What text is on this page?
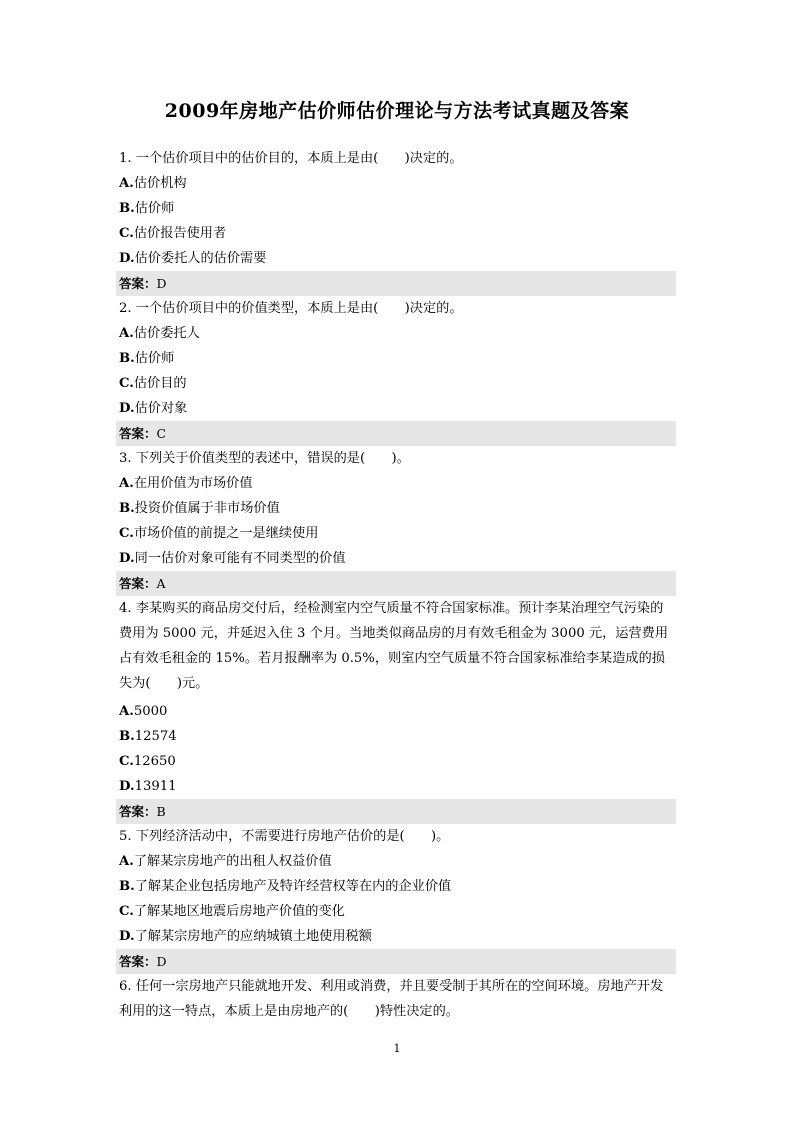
2009年房地产估价师估价理论与方法考试真题及答案
1. 一个估价项目中的估价目的，本质上是由(　　)决定的。
A.估价机构
B.估价师
C.估价报告使用者
D.估价委托人的估价需要
答案：D
2. 一个估价项目中的价值类型，本质上是由(　　)决定的。
A.估价委托人
B.估价师
C.估价目的
D.估价对象
答案：C
3. 下列关于价值类型的表述中，错误的是(　　)。
A.在用价值为市场价值
B.投资价值属于非市场价值
C.市场价值的前提之一是继续使用
D.同一估价对象可能有不同类型的价值
答案：A
4. 李某购买的商品房交付后，经检测室内空气质量不符合国家标准。预计李某治理空气污染的费用为 5000 元，并延迟入住 3 个月。当地类似商品房的月有效毛租金为 3000 元，运营费用占有效毛租金的 15%。若月报酬率为 0.5%，则室内空气质量不符合国家标准给李某造成的损失为(　　)元。
A.5000
B.12574
C.12650
D.13911
答案：B
5. 下列经济活动中，不需要进行房地产估价的是(　　)。
A.了解某宗房地产的出租人权益价值
B.了解某企业包括房地产及特许经营权等在内的企业价值
C.了解某地区地震后房地产价值的变化
D.了解某宗房地产的应纳城镇土地使用税额
答案：D
6. 任何一宗房地产只能就地开发、利用或消费，并且要受制于其所在的空间环境。房地产开发利用的这一特点，本质上是由房地产的(　　)特性决定的。
1
